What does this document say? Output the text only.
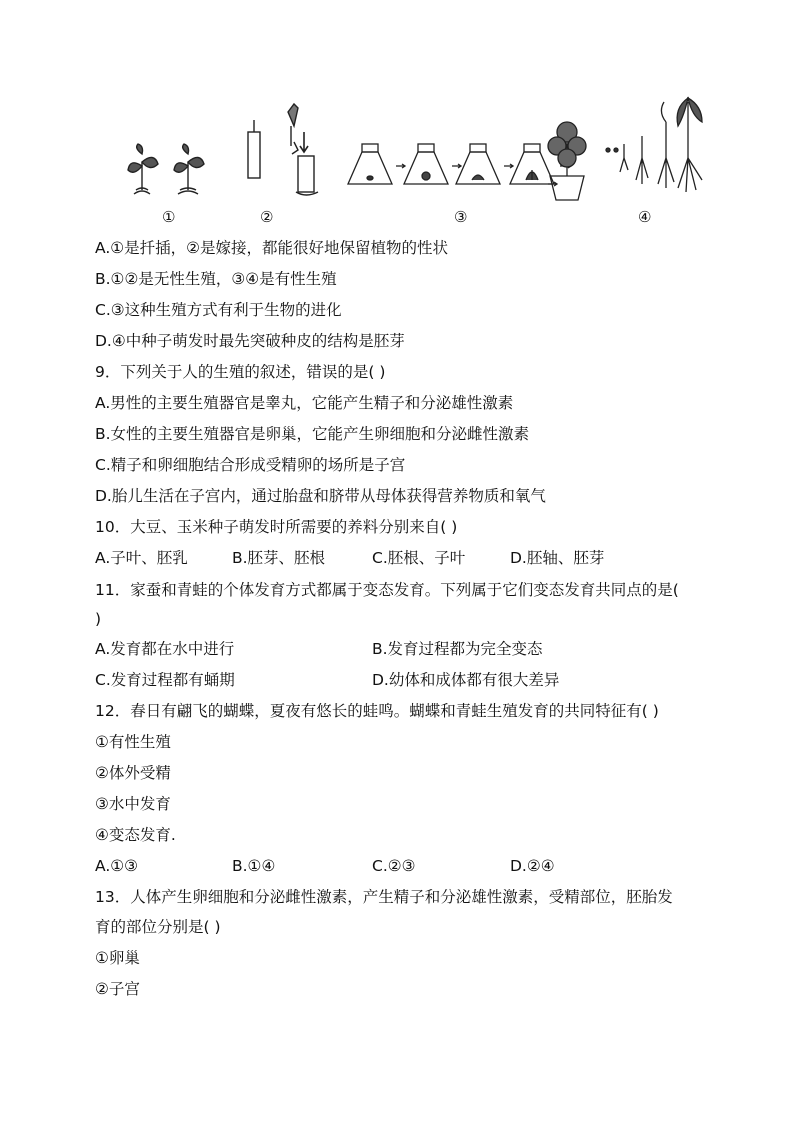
①	②	③	④
A.①是扦插，②是嫁接，都能很好地保留植物的性状
B.①②是无性生殖，③④是有性生殖
C.③这种生殖方式有利于生物的进化
D.④中种子萌发时最先突破种皮的结构是胚芽
9．下列关于人的生殖的叙述，错误的是( )
A.男性的主要生殖器官是睾丸，它能产生精子和分泌雄性激素
B.女性的主要生殖器官是卵巢，它能产生卵细胞和分泌雌性激素
C.精子和卵细胞结合形成受精卵的场所是子宫
D.胎儿生活在子宫内，通过胎盘和脐带从母体获得营养物质和氧气
10．大豆、玉米种子萌发时所需要的养料分别来自( )
A.子叶、胚乳	B.胚芽、胚根	C.胚根、子叶	D.胚轴、胚芽
11．家蚕和青蛙的个体发育方式都属于变态发育。下列属于它们变态发育共同点的是(
)
A.发育都在水中进行	B.发育过程都为完全变态
C.发育过程都有蛹期	D.幼体和成体都有很大差异
12．春日有翩飞的蝴蝶，夏夜有悠长的蛙鸣。蝴蝶和青蛙生殖发育的共同特征有( )
①有性生殖
②体外受精
③水中发育
④变态发育.
A.①③	B.①④	C.②③	D.②④
13．人体产生卵细胞和分泌雌性激素，产生精子和分泌雄性激素，受精部位，胚胎发
育的部位分别是( )
①卵巢
②子宫
